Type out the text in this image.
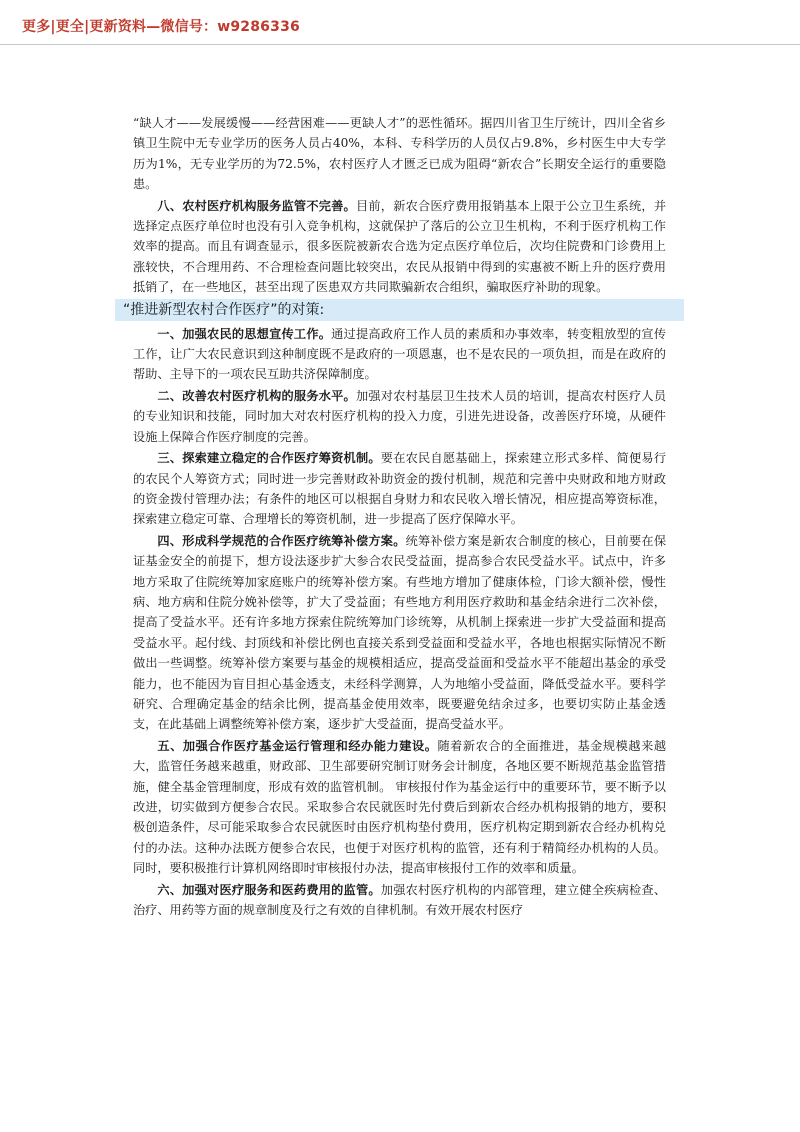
更多|更全|更新资料—微信号：w9286336

“缺人才——发展缓慢——经营困难——更缺人才”的恶性循环。据四川省卫生厅统计，四川全省乡镇卫生院中无专业学历的医务人员占40%，本科、专科学历的人员仅占9.8%，乡村医生中大专学历为1%，无专业学历的为72.5%，农村医疗人才匮乏已成为阻碍“新农合”长期安全运行的重要隐患。

八、农村医疗机构服务监管不完善。目前，新农合医疗费用报销基本上限于公立卫生系统，并选择定点医疗单位时也没有引入竞争机构，这就保护了落后的公立卫生机构，不利于医疗机构工作效率的提高。而且有调查显示，很多医院被新农合选为定点医疗单位后，次均住院费和门诊费用上涨较快，不合理用药、不合理检查问题比较突出，农民从报销中得到的实惠被不断上升的医疗费用抵销了，在一些地区，甚至出现了医患双方共同欺骗新农合组织，骗取医疗补助的现象。

“推进新型农村合作医疗”的对策:

一、加强农民的思想宣传工作。通过提高政府工作人员的素质和办事效率，转变粗放型的宣传工作，让广大农民意识到这种制度既不是政府的一项恩惠，也不是农民的一项负担，而是在政府的帮助、主导下的一项农民互助共济保障制度。

二、改善农村医疗机构的服务水平。加强对农村基层卫生技术人员的培训，提高农村医疗人员的专业知识和技能，同时加大对农村医疗机构的投入力度，引进先进设备，改善医疗环境，从硬件设施上保障合作医疗制度的完善。

三、探索建立稳定的合作医疗筹资机制。要在农民自愿基础上，探索建立形式多样、简便易行的农民个人筹资方式；同时进一步完善财政补助资金的拨付机制，规范和完善中央财政和地方财政的资金拨付管理办法；有条件的地区可以根据自身财力和农民收入增长情况，相应提高筹资标准，探索建立稳定可靠、合理增长的筹资机制，进一步提高了医疗保障水平。

四、形成科学规范的合作医疗统筹补偿方案。统筹补偿方案是新农合制度的核心，目前要在保证基金安全的前提下，想方设法逐步扩大参合农民受益面，提高参合农民受益水平。试点中，许多地方采取了住院统筹加家庭账户的统筹补偿方案。有些地方增加了健康体检，门诊大额补偿，慢性病、地方病和住院分娩补偿等，扩大了受益面；有些地方利用医疗救助和基金结余进行二次补偿，提高了受益水平。还有许多地方探索住院统筹加门诊统筹，从机制上探索进一步扩大受益面和提高受益水平。起付线、封顶线和补偿比例也直接关系到受益面和受益水平，各地也根据实际情况不断做出一些调整。统筹补偿方案要与基金的规模相适应，提高受益面和受益水平不能超出基金的承受能力，也不能因为盲目担心基金透支，未经科学测算，人为地缩小受益面，降低受益水平。要科学研究、合理确定基金的结余比例，提高基金使用效率，既要避免结余过多，也要切实防止基金透支，在此基础上调整统筹补偿方案，逐步扩大受益面，提高受益水平。

五、加强合作医疗基金运行管理和经办能力建设。随着新农合的全面推进，基金规模越来越大，监管任务越来越重，财政部、卫生部要研究制订财务会计制度，各地区要不断规范基金监管措施，健全基金管理制度，形成有效的监管机制。 审核报付作为基金运行中的重要环节，要不断予以改进，切实做到方便参合农民。采取参合农民就医时先付费后到新农合经办机构报销的地方，要积极创造条件，尽可能采取参合农民就医时由医疗机构垫付费用，医疗机构定期到新农合经办机构兑付的办法。这种办法既方便参合农民，也便于对医疗机构的监管，还有利于精简经办机构的人员。同时，要积极推行计算机网络即时审核报付办法，提高审核报付工作的效率和质量。

六、加强对医疗服务和医药费用的监管。加强农村医疗机构的内部管理，建立健全疾病检查、治疗、用药等方面的规章制度及行之有效的自律机制。有效开展农村医疗
